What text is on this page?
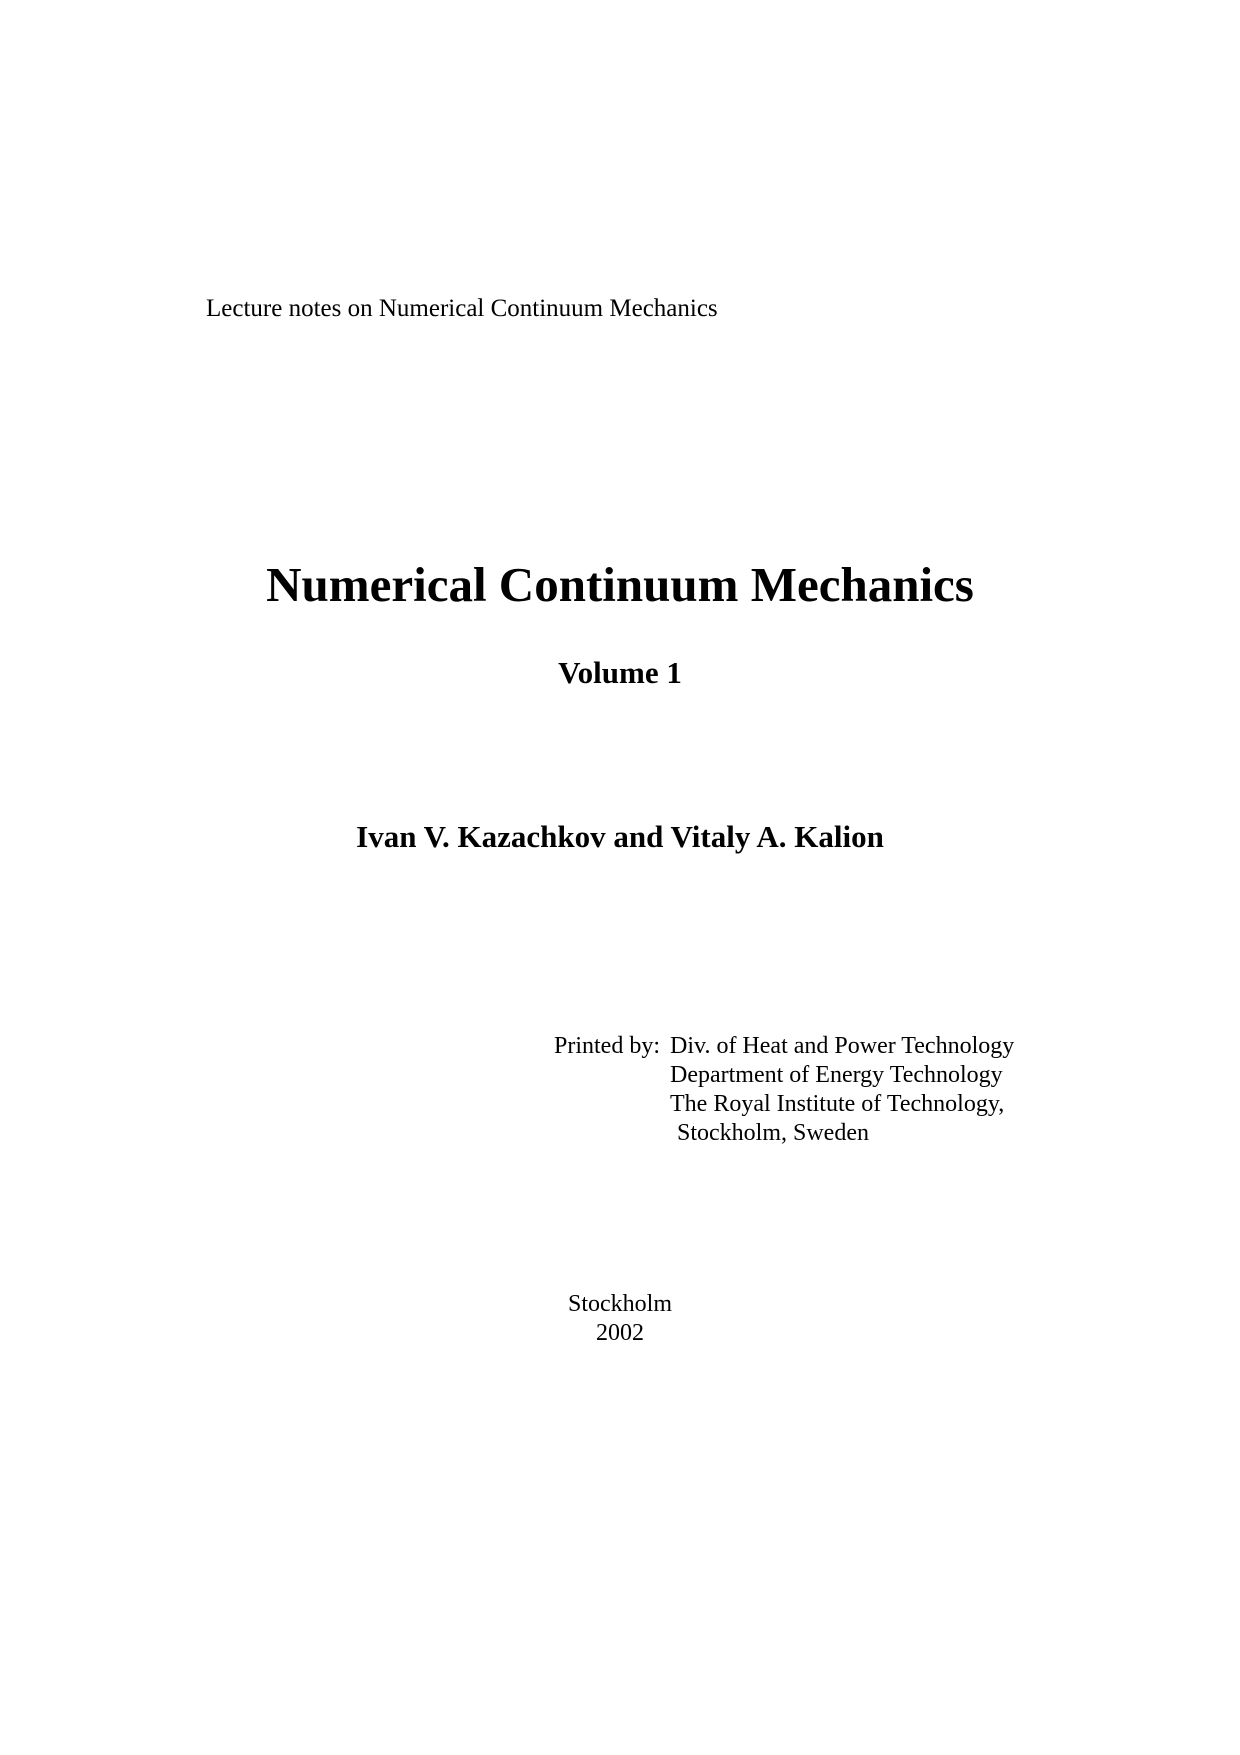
Lecture notes on Numerical Continuum Mechanics
Numerical Continuum Mechanics
Volume 1
Ivan V. Kazachkov and Vitaly A. Kalion
Printed by: Div. of Heat and Power Technology
Department of Energy Technology
The Royal Institute of Technology,
Stockholm, Sweden
Stockholm
2002
